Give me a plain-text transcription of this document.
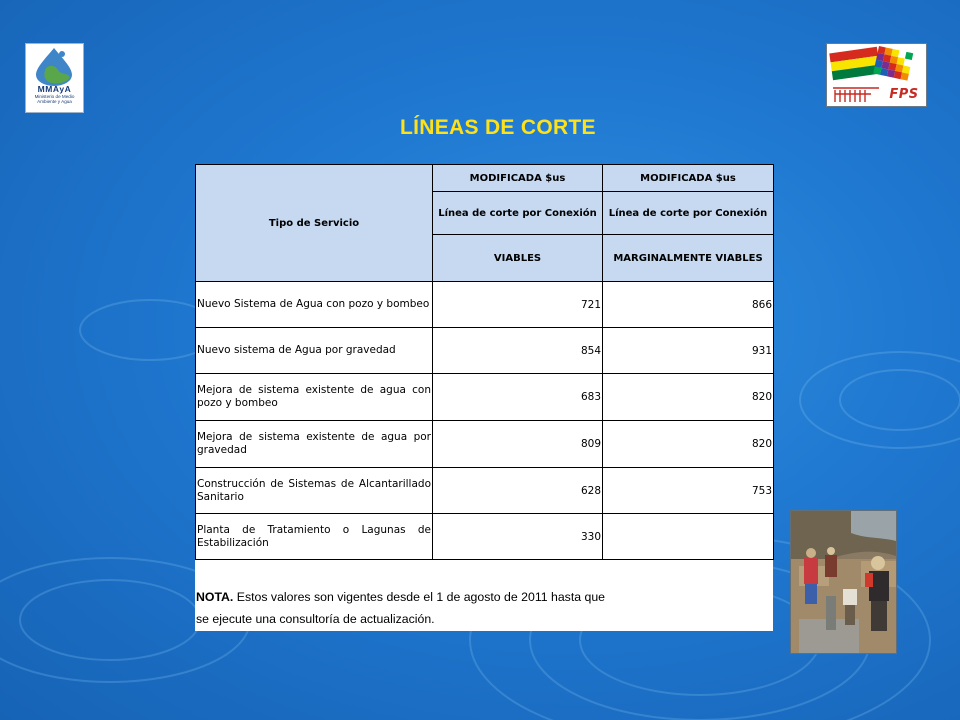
MMAyA
Ministerio de Medio
Ambiente y Agua	FPS
LÍNEAS DE CORTE
Tipo de Servicio	MODIFICADA $us	MODIFICADA $us
	Línea de corte por Conexión	Línea de corte por Conexión
	VIABLES	MARGINALMENTE VIABLES
Nuevo Sistema de Agua con pozo y bombeo	721	866
Nuevo sistema de Agua por gravedad	854	931
Mejora de sistema existente de agua con pozo y bombeo	683	820
Mejora de sistema existente de agua por gravedad	809	820
Construcción de Sistemas de Alcantarillado Sanitario	628	753
Planta de Tratamiento o Lagunas de Estabilización	330	
NOTA. Estos valores son vigentes desde el 1 de agosto de 2011 hasta que
se ejecute una consultoría de actualización.
